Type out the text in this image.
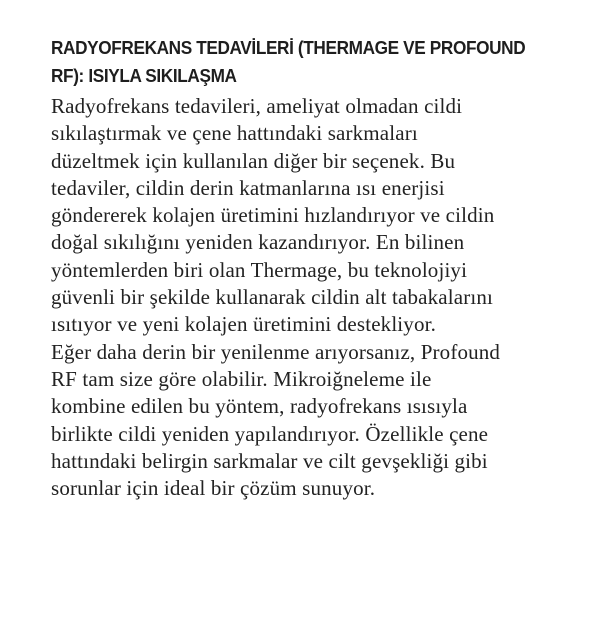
RADYOFREKANS TEDAVİLERİ (THERMAGE VE PROFOUND
RF): ISIYLA SIKILAŞMA
Radyofrekans tedavileri, ameliyat olmadan cildi
sıkılaştırmak ve çene hattındaki sarkmaları
düzeltmek için kullanılan diğer bir seçenek. Bu
tedaviler, cildin derin katmanlarına ısı enerjisi
göndererek kolajen üretimini hızlandırıyor ve cildin
doğal sıkılığını yeniden kazandırıyor. En bilinen
yöntemlerden biri olan Thermage, bu teknolojiyi
güvenli bir şekilde kullanarak cildin alt tabakalarını
ısıtıyor ve yeni kolajen üretimini destekliyor.
Eğer daha derin bir yenilenme arıyorsanız, Profound
RF tam size göre olabilir. Mikroiğneleme ile
kombine edilen bu yöntem, radyofrekans ısısıyla
birlikte cildi yeniden yapılandırıyor. Özellikle çene
hattındaki belirgin sarkmalar ve cilt gevşekliği gibi
sorunlar için ideal bir çözüm sunuyor.
